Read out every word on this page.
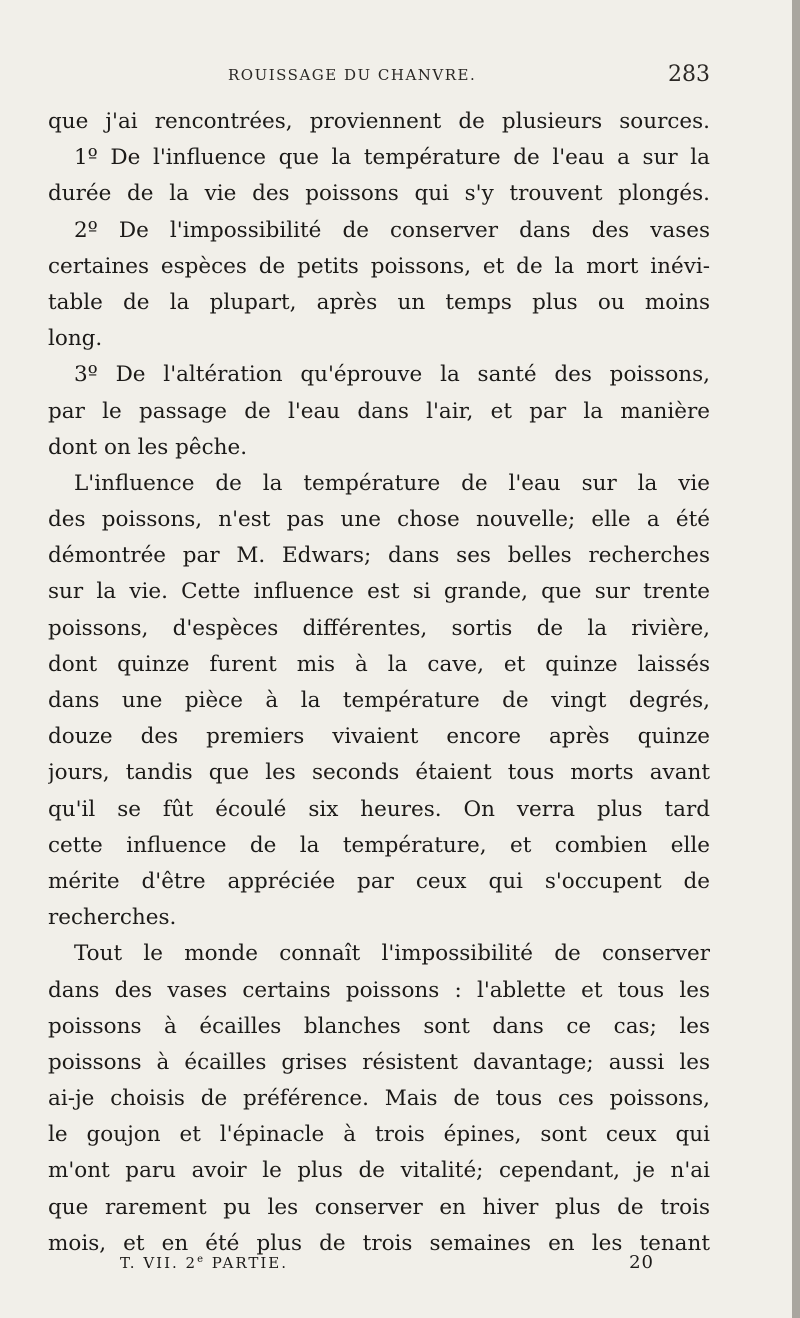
ROUISSAGE DU CHANVRE.	283
que j'ai rencontrées, proviennent de plusieurs sources.
1º De l'influence que la température de l'eau a sur la
durée de la vie des poissons qui s'y trouvent plongés.
2º De l'impossibilité de conserver dans des vases
certaines espèces de petits poissons, et de la mort inévi-
table de la plupart, après un temps plus ou moins
long.
3º De l'altération qu'éprouve la santé des poissons,
par le passage de l'eau dans l'air, et par la manière
dont on les pêche.
L'influence de la température de l'eau sur la vie
des poissons, n'est pas une chose nouvelle; elle a été
démontrée par M. Edwars; dans ses belles recherches
sur la vie. Cette influence est si grande, que sur trente
poissons, d'espèces différentes, sortis de la rivière,
dont quinze furent mis à la cave, et quinze laissés
dans une pièce à la température de vingt degrés,
douze des premiers vivaient encore après quinze
jours, tandis que les seconds étaient tous morts avant
qu'il se fût écoulé six heures. On verra plus tard
cette influence de la température, et combien elle
mérite d'être appréciée par ceux qui s'occupent de
recherches.
Tout le monde connaît l'impossibilité de conserver
dans des vases certains poissons : l'ablette et tous les
poissons à écailles blanches sont dans ce cas; les
poissons à écailles grises résistent davantage; aussi les
ai-je choisis de préférence. Mais de tous ces poissons,
le goujon et l'épinacle à trois épines, sont ceux qui
m'ont paru avoir le plus de vitalité; cependant, je n'ai
que rarement pu les conserver en hiver plus de trois
mois, et en été plus de trois semaines en les tenant
T. VII. 2e PARTIE.	20
